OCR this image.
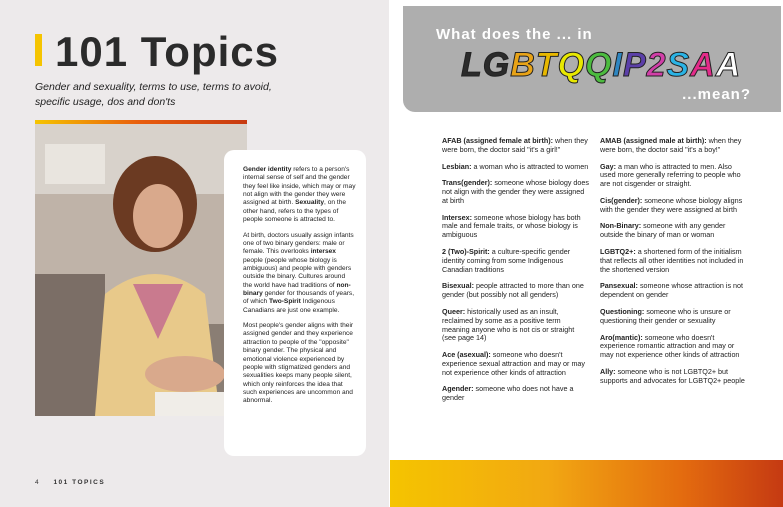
101 Topics
Gender and sexuality, terms to use, terms to avoid, specific usage, dos and don'ts

Gender identity refers to a person's internal sense of self and the gender they feel like inside, which may or may not align with the gender they were assigned at birth. Sexuality, on the other hand, refers to the types of people someone is attracted to.

At birth, doctors usually assign infants one of two binary genders: male or female. This overlooks intersex people (people whose biology is ambiguous) and people with genders outside the binary. Cultures around the world have had traditions of non-binary gender for thousands of years, of which Two-Spirit Indigenous Canadians are just one example.

Most people's gender aligns with their assigned gender and they experience attraction to people of the "opposite" binary gender. The physical and emotional violence experienced by people with stigmatized genders and sexualities keeps many people silent, which only reinforces the idea that such experiences are uncommon and abnormal.

4 101 TOPICS
What does the ... in
LGBTQQIP2SAA
...mean?
AFAB (assigned female at birth): when they were born, the doctor said "it's a girl!"
Lesbian: a woman who is attracted to women
Trans(gender): someone whose biology does not align with the gender they were assigned at birth
Intersex: someone whose biology has both male and female traits, or whose biology is ambiguous
2 (Two)-Spirit: a culture-specific gender identity coming from some Indigenous Canadian traditions
Bisexual: people attracted to more than one gender (but possibly not all genders)
Queer: historically used as an insult, reclaimed by some as a positive term meaning anyone who is not cis or straight (see page 14)
Ace (asexual): someone who doesn't experience sexual attraction and may or may not experience other kinds of attraction
Agender: someone who does not have a gender
AMAB (assigned male at birth): when they were born, the doctor said "it's a boy!"
Gay: a man who is attracted to men. Also used more generally referring to people who are not cisgender or straight.
Cis(gender): someone whose biology aligns with the gender they were assigned at birth
Non-Binary: someone with any gender outside the binary of man or woman
LGBTQ2+: a shortened form of the initialism that reflects all other identities not included in the shortened version
Pansexual: someone whose attraction is not dependent on gender
Questioning: someone who is unsure or questioning their gender or sexuality
Aro(mantic): someone who doesn't experience romantic attraction and may or may not experience other kinds of attraction
Ally: someone who is not LGBTQ2+ but supports and advocates for LGBTQ2+ people
